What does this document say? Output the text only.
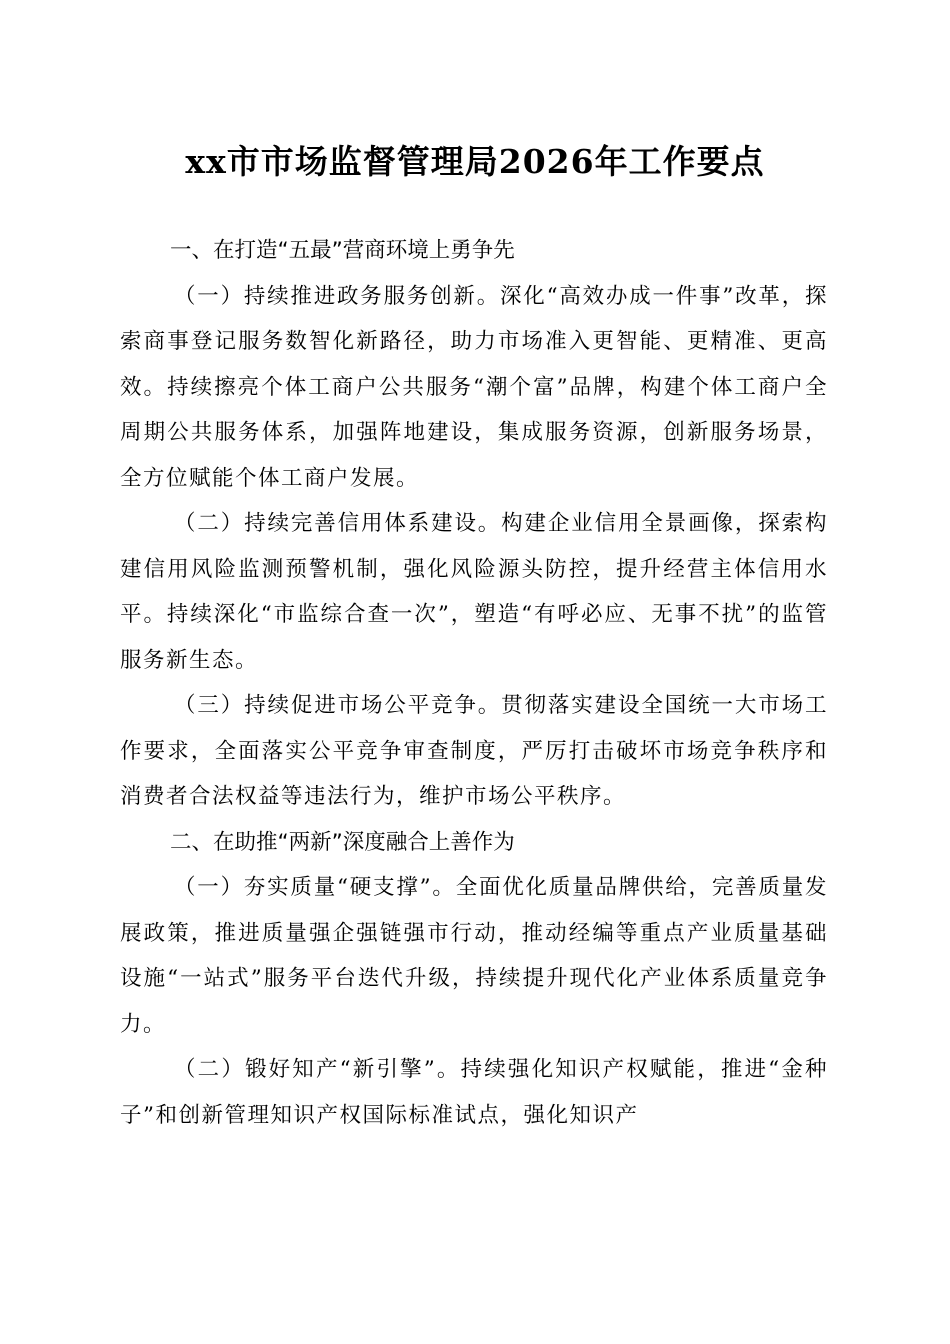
xx市市场监督管理局2026年工作要点
一、在打造“五最”营商环境上勇争先

（一）持续推进政务服务创新。深化“高效办成一件事”改革，探索商事登记服务数智化新路径，助力市场准入更智能、更精准、更高效。持续擦亮个体工商户公共服务“潮个富”品牌，构建个体工商户全周期公共服务体系，加强阵地建设，集成服务资源，创新服务场景，全方位赋能个体工商户发展。

（二）持续完善信用体系建设。构建企业信用全景画像，探索构建信用风险监测预警机制，强化风险源头防控，提升经营主体信用水平。持续深化“市监综合查一次”，塑造“有呼必应、无事不扰”的监管服务新生态。

（三）持续促进市场公平竞争。贯彻落实建设全国统一大市场工作要求，全面落实公平竞争审查制度，严厉打击破坏市场竞争秩序和消费者合法权益等违法行为，维护市场公平秩序。

二、在助推“两新”深度融合上善作为

（一）夯实质量“硬支撑”。全面优化质量品牌供给，完善质量发展政策，推进质量强企强链强市行动，推动经编等重点产业质量基础设施“一站式”服务平台迭代升级，持续提升现代化产业体系质量竞争力。

（二）锻好知产“新引擎”。持续强化知识产权赋能，推进“金种子”和创新管理知识产权国际标准试点，强化知识产
